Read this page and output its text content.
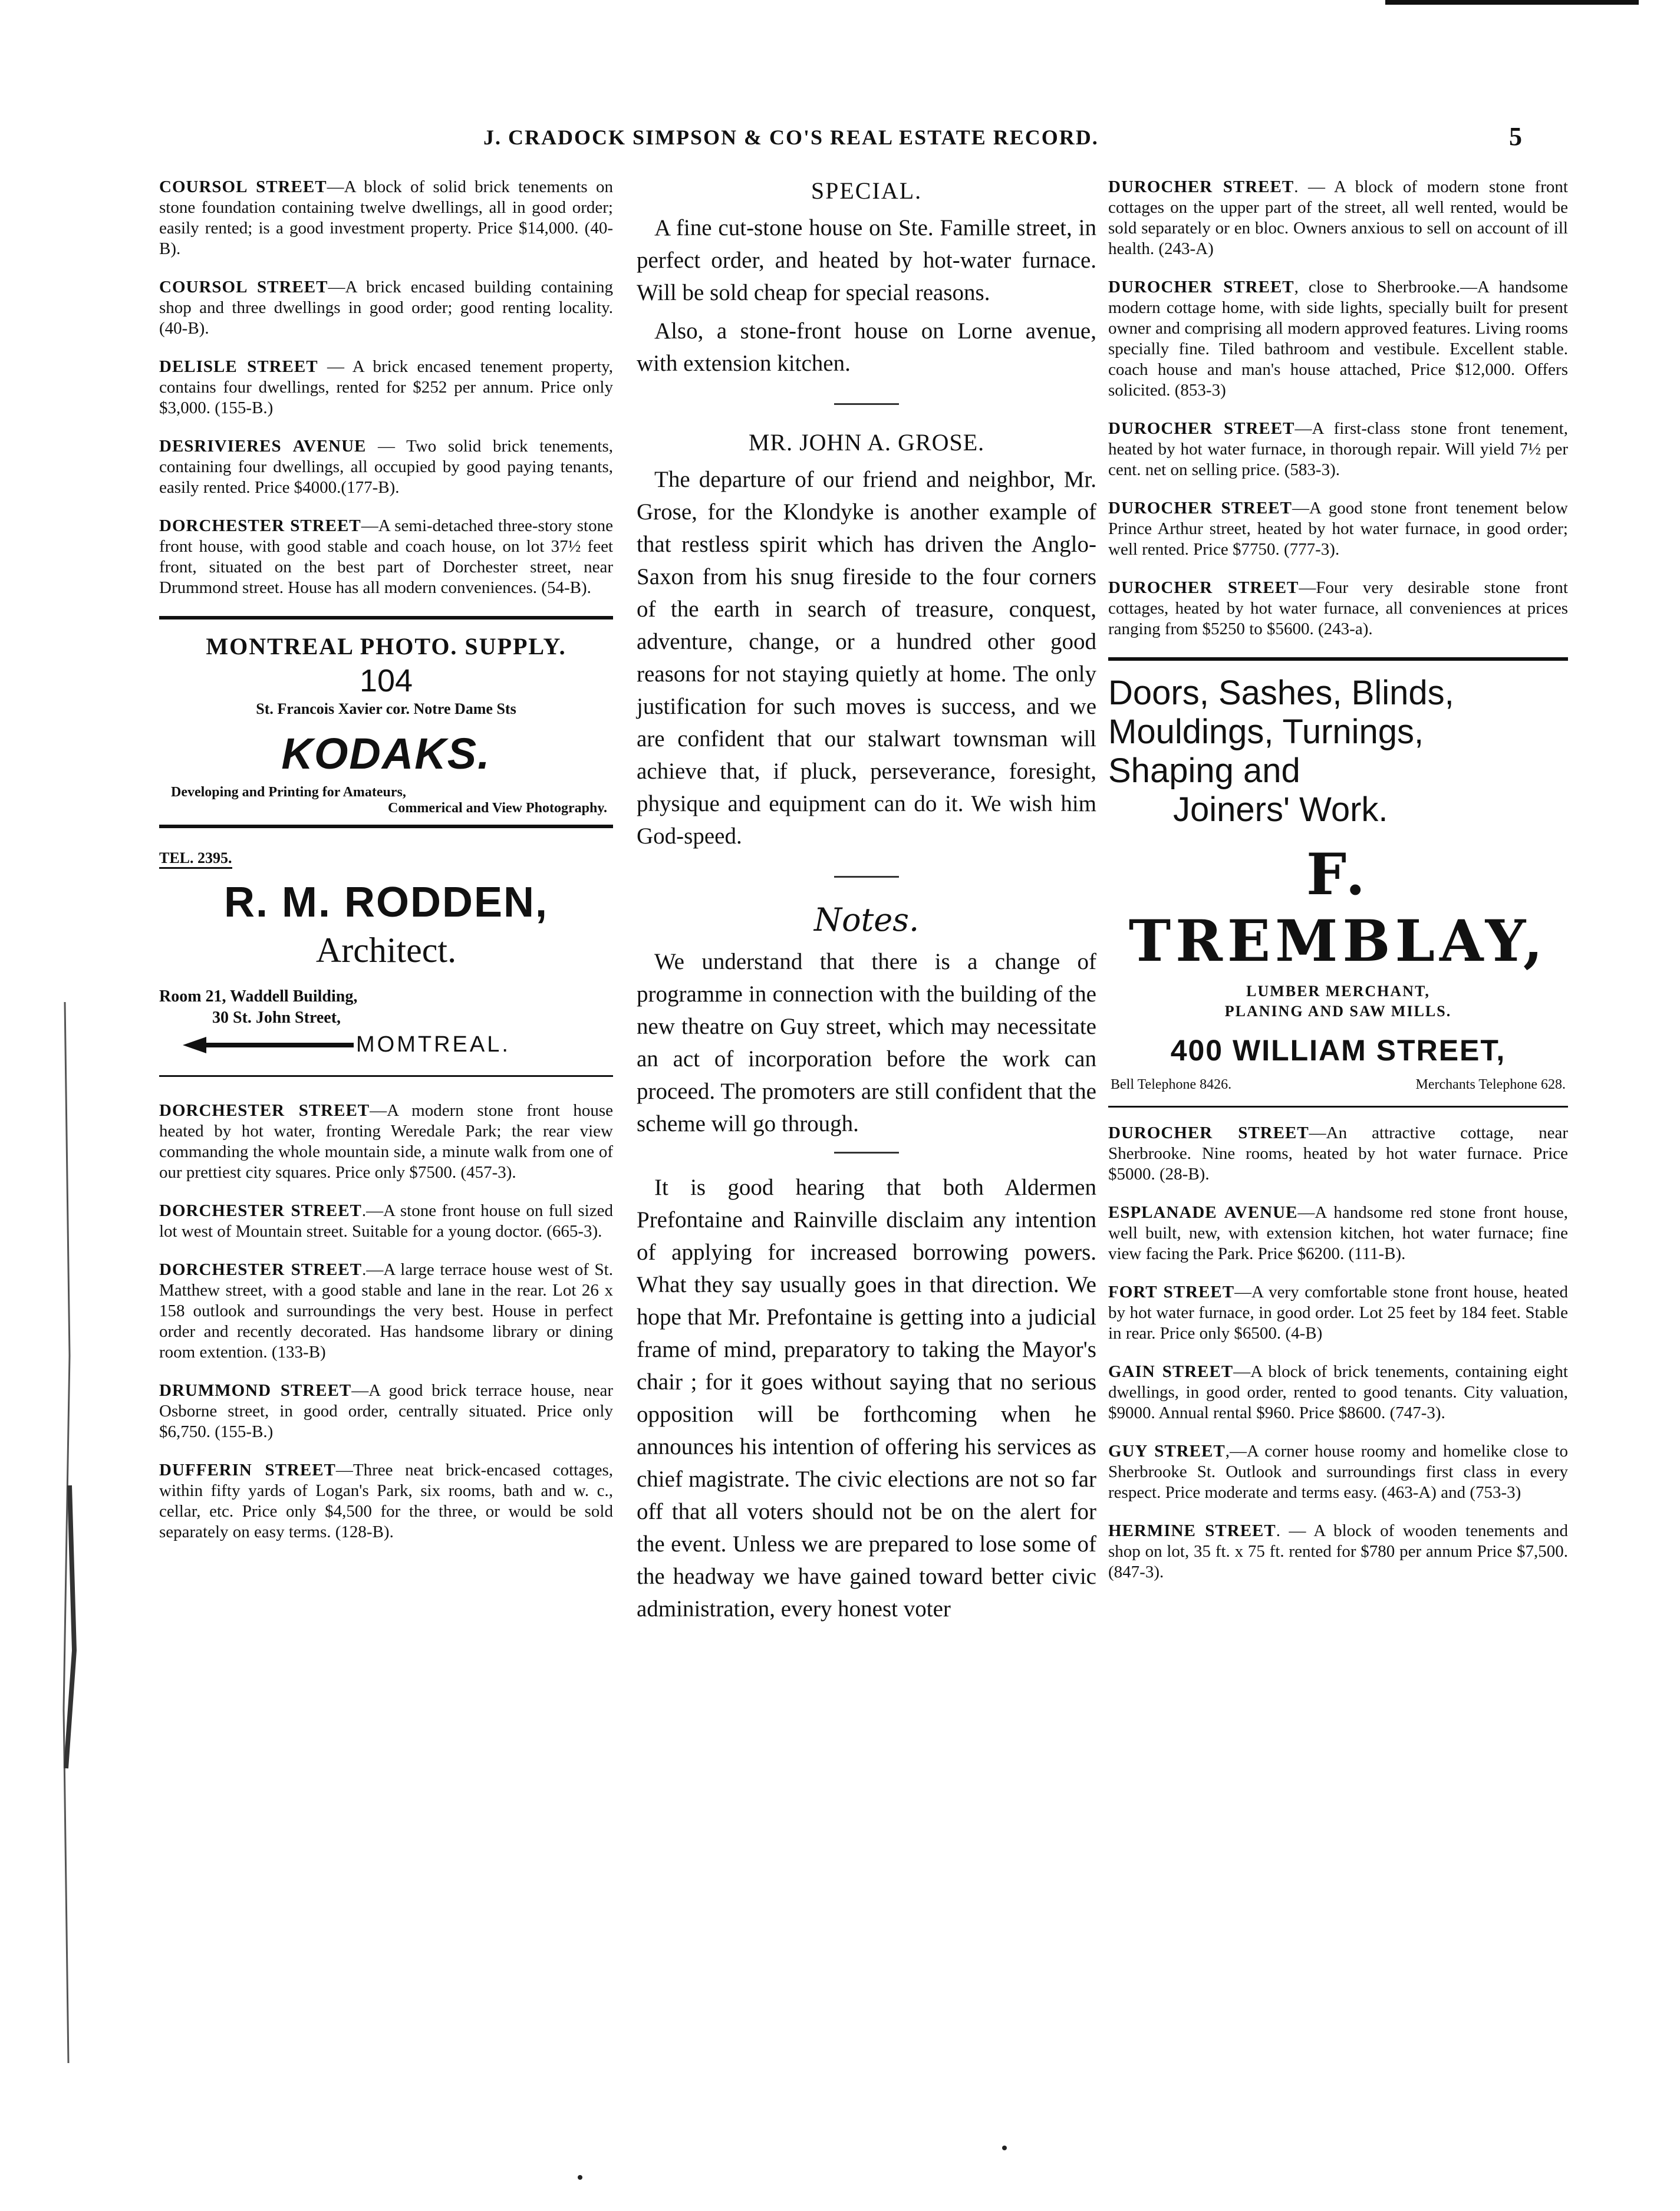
J. CRADOCK SIMPSON & CO'S REAL ESTATE RECORD.	5
COURSOL STREET—A block of solid brick tenements on stone foundation containing twelve dwellings, all in good order; easily rented; is a good investment property. Price $14,000. (40-B).
COURSOL STREET—A brick encased building containing shop and three dwellings in good order; good renting locality. (40-B).
DELISLE STREET — A brick encased tenement property, contains four dwellings, rented for $252 per annum. Price only $3,000. (155-B.)
DESRIVIERES AVENUE — Two solid brick tenements, containing four dwellings, all occupied by good paying tenants, easily rented. Price $4000.(177-B).
DORCHESTER STREET—A semi-detached three-story stone front house, with good stable and coach house, on lot 37½ feet front, situated on the best part of Dorchester street, near Drummond street. House has all modern conveniences. (54-B).
MONTREAL PHOTO. SUPPLY.
104
St. Francois Xavier cor. Notre Dame Sts
KODAKS.
Developing and Printing for Amateurs,
Commerical and View Photography.
TEL. 2395.
R. M. RODDEN,
Architect.
Room 21, Waddell Building,
30 St. John Street,
MOMTREAL.
DORCHESTER STREET—A modern stone front house heated by hot water, fronting Weredale Park; the rear view commanding the whole mountain side, a minute walk from one of our prettiest city squares. Price only $7500. (457-3).
DORCHESTER STREET.—A stone front house on full sized lot west of Mountain street. Suitable for a young doctor. (665-3).
DORCHESTER STREET.—A large terrace house west of St. Matthew street, with a good stable and lane in the rear. Lot 26 x 158 outlook and surroundings the very best. House in perfect order and recently decorated. Has handsome library or dining room extention. (133-B)
DRUMMOND STREET—A good brick terrace house, near Osborne street, in good order, centrally situated. Price only $6,750. (155-B.)
DUFFERIN STREET—Three neat brick-encased cottages, within fifty yards of Logan's Park, six rooms, bath and w. c., cellar, etc. Price only $4,500 for the three, or would be sold separately on easy terms. (128-B).
SPECIAL.

A fine cut-stone house on Ste. Famille street, in perfect order, and heated by hot-water furnace. Will be sold cheap for special reasons.

Also, a stone-front house on Lorne avenue, with extension kitchen.

MR. JOHN A. GROSE.

The departure of our friend and neighbor, Mr. Grose, for the Klondyke is another example of that restless spirit which has driven the Anglo-Saxon from his snug fireside to the four corners of the earth in search of treasure, conquest, adventure, change, or a hundred other good reasons for not staying quietly at home. The only justification for such moves is success, and we are confident that our stalwart townsman will achieve that, if pluck, perseverance, foresight, physique and equipment can do it. We wish him God-speed.

Notes.

We understand that there is a change of programme in connection with the building of the new theatre on Guy street, which may necessitate an act of incorporation before the work can proceed. The promoters are still confident that the scheme will go through.

It is good hearing that both Aldermen Prefontaine and Rainville disclaim any intention of applying for increased borrowing powers. What they say usually goes in that direction. We hope that Mr. Prefontaine is getting into a judicial frame of mind, preparatory to taking the Mayor's chair ; for it goes without saying that no serious opposition will be forthcoming when he announces his intention of offering his services as chief magistrate. The civic elections are not so far off that all voters should not be on the alert for the event. Unless we are prepared to lose some of the headway we have gained toward better civic administration, every honest voter

DUROCHER STREET. — A block of modern stone front cottages on the upper part of the street, all well rented, would be sold separately or en bloc. Owners anxious to sell on account of ill health. (243-A)
DUROCHER STREET, close to Sherbrooke.—A handsome modern cottage home, with side lights, specially built for present owner and comprising all modern approved features. Living rooms specially fine. Tiled bathroom and vestibule. Excellent stable. coach house and man's house attached, Price $12,000. Offers solicited. (853-3)
DUROCHER STREET—A first-class stone front tenement, heated by hot water furnace, in thorough repair. Will yield 7½ per cent. net on selling price. (583-3).
DUROCHER STREET—A good stone front tenement below Prince Arthur street, heated by hot water furnace, in good order; well rented. Price $7750. (777-3).
DUROCHER STREET—Four very desirable stone front cottages, heated by hot water furnace, all conveniences at prices ranging from $5250 to $5600. (243-a).
Doors, Sashes, Blinds,
Mouldings, Turnings,
Shaping and
Joiners' Work.
F. TREMBLAY,
LUMBER MERCHANT,
PLANING AND SAW MILLS.
400 WILLIAM STREET,
Bell Telephone 8426.	Merchants Telephone 628.
DUROCHER STREET—An attractive cottage, near Sherbrooke. Nine rooms, heated by hot water furnace. Price $5000. (28-B).
ESPLANADE AVENUE—A handsome red stone front house, well built, new, with extension kitchen, hot water furnace; fine view facing the Park. Price $6200. (111-B).
FORT STREET—A very comfortable stone front house, heated by hot water furnace, in good order. Lot 25 feet by 184 feet. Stable in rear. Price only $6500. (4-B)
GAIN STREET—A block of brick tenements, containing eight dwellings, in good order, rented to good tenants. City valuation, $9000. Annual rental $960. Price $8600. (747-3).
GUY STREET,—A corner house roomy and homelike close to Sherbrooke St. Outlook and surroundings first class in every respect. Price moderate and terms easy. (463-A) and (753-3)
HERMINE STREET. — A block of wooden tenements and shop on lot, 35 ft. x 75 ft. rented for $780 per annum Price $7,500.(847-3).
